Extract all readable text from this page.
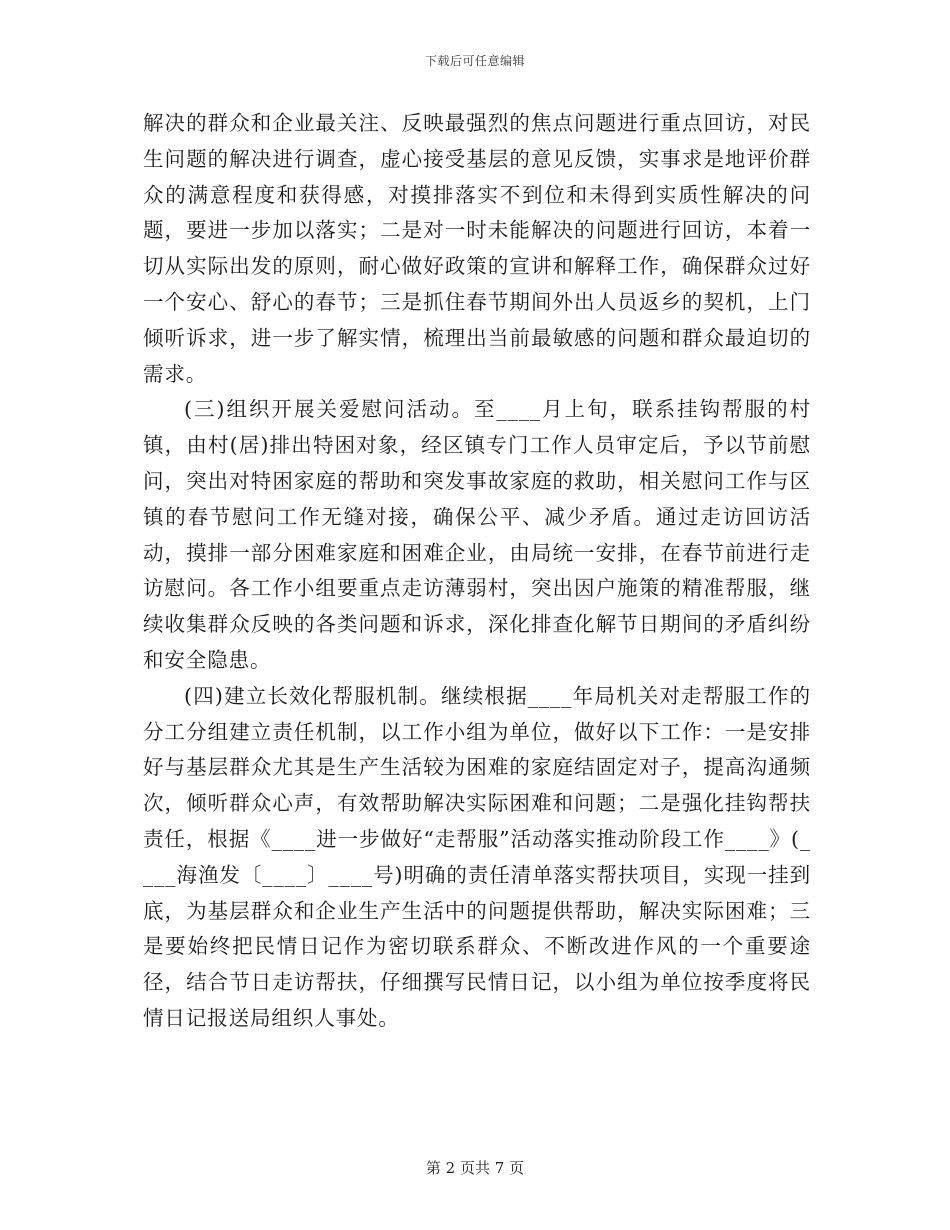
下载后可任意编辑

解决的群众和企业最关注、反映最强烈的焦点问题进行重点回访，对民生问题的解决进行调查，虚心接受基层的意见反馈，实事求是地评价群众的满意程度和获得感，对摸排落实不到位和未得到实质性解决的问题，要进一步加以落实；二是对一时未能解决的问题进行回访，本着一切从实际出发的原则，耐心做好政策的宣讲和解释工作，确保群众过好一个安心、舒心的春节；三是抓住春节期间外出人员返乡的契机，上门倾听诉求，进一步了解实情，梳理出当前最敏感的问题和群众最迫切的需求。

(三)组织开展关爱慰问活动。至____月上旬，联系挂钩帮服的村镇，由村(居)排出特困对象，经区镇专门工作人员审定后，予以节前慰问，突出对特困家庭的帮助和突发事故家庭的救助，相关慰问工作与区镇的春节慰问工作无缝对接，确保公平、减少矛盾。通过走访回访活动，摸排一部分困难家庭和困难企业，由局统一安排，在春节前进行走访慰问。各工作小组要重点走访薄弱村，突出因户施策的精准帮服，继续收集群众反映的各类问题和诉求，深化排查化解节日期间的矛盾纠纷和安全隐患。

(四)建立长效化帮服机制。继续根据____年局机关对走帮服工作的分工分组建立责任机制，以工作小组为单位，做好以下工作：一是安排好与基层群众尤其是生产生活较为困难的家庭结固定对子，提高沟通频次，倾听群众心声，有效帮助解决实际困难和问题；二是强化挂钩帮扶责任，根据《____进一步做好“走帮服”活动落实推动阶段工作____》(____海渔发〔____〕____号)明确的责任清单落实帮扶项目，实现一挂到底，为基层群众和企业生产生活中的问题提供帮助，解决实际困难；三是要始终把民情日记作为密切联系群众、不断改进作风的一个重要途径，结合节日走访帮扶，仔细撰写民情日记，以小组为单位按季度将民情日记报送局组织人事处。

第 2 页共 7 页
